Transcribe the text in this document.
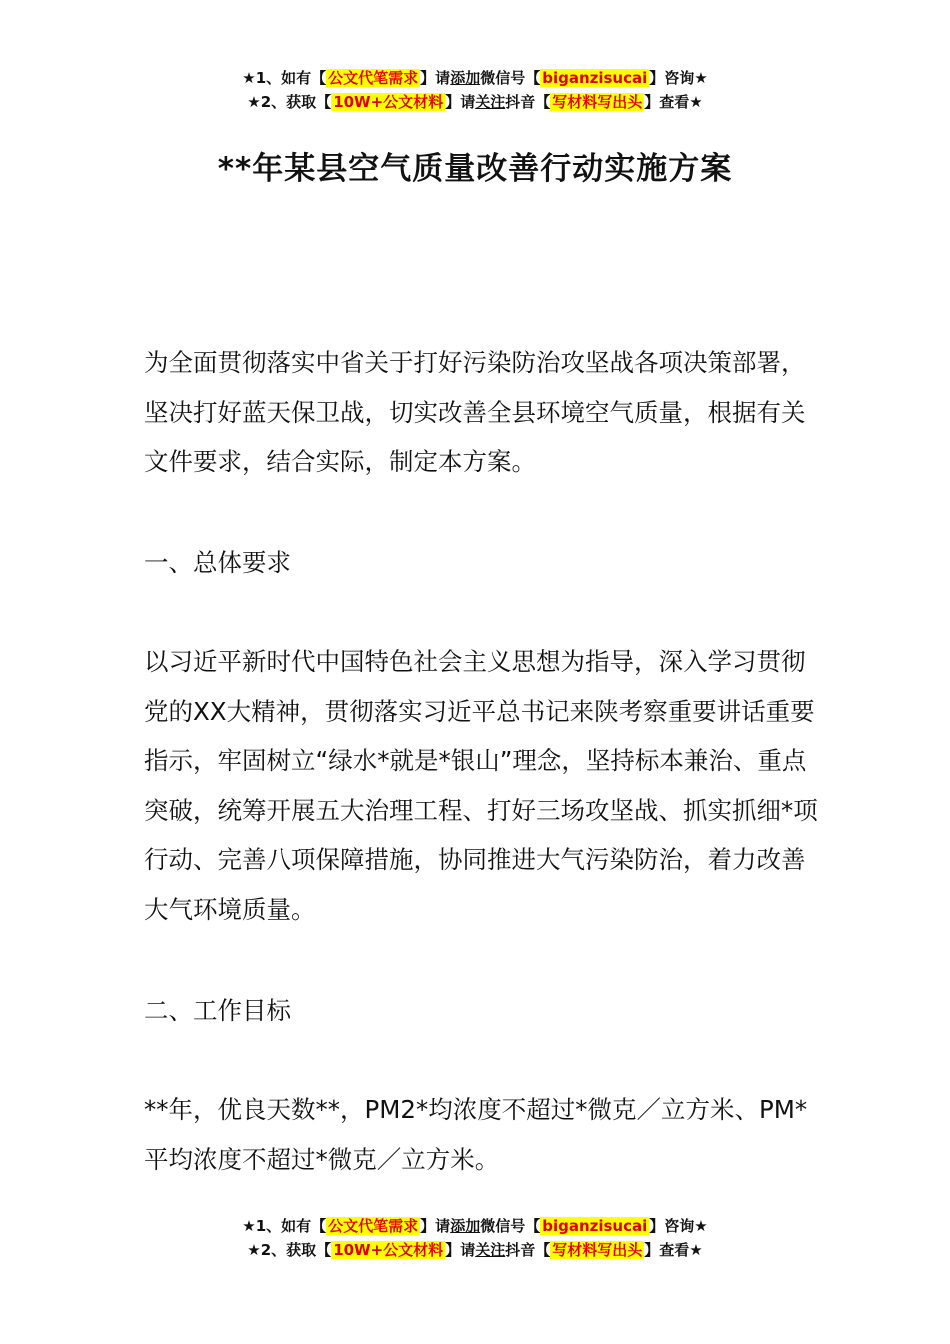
★1、如有【 公文代笔需求 】请添加微信号【 biganzisucai 】咨询★
★2、获取【 10W+公文材料 】请关注抖音【 写材料写出头 】查看★
**年某县空气质量改善行动实施方案

为全面贯彻落实中省关于打好污染防治攻坚战各项决策部署，坚决打好蓝天保卫战，切实改善全县环境空气质量，根据有关文件要求，结合实际，制定本方案。

一、总体要求

以习近平新时代中国特色社会主义思想为指导，深入学习贯彻党的XX大精神，贯彻落实习近平总书记来陕考察重要讲话重要指示，牢固树立“绿水*就是*银山”理念，坚持标本兼治、重点突破，统筹开展五大治理工程、打好三场攻坚战、抓实抓细*项行动、完善八项保障措施，协同推进大气污染防治，着力改善大气环境质量。

二、工作目标

**年，优良天数**，PM2*均浓度不超过*微克／立方米、PM*平均浓度不超过*微克／立方米。

★1、如有【 公文代笔需求 】请添加微信号【 biganzisucai 】咨询★
★2、获取【 10W+公文材料 】请关注抖音【 写材料写出头 】查看★
